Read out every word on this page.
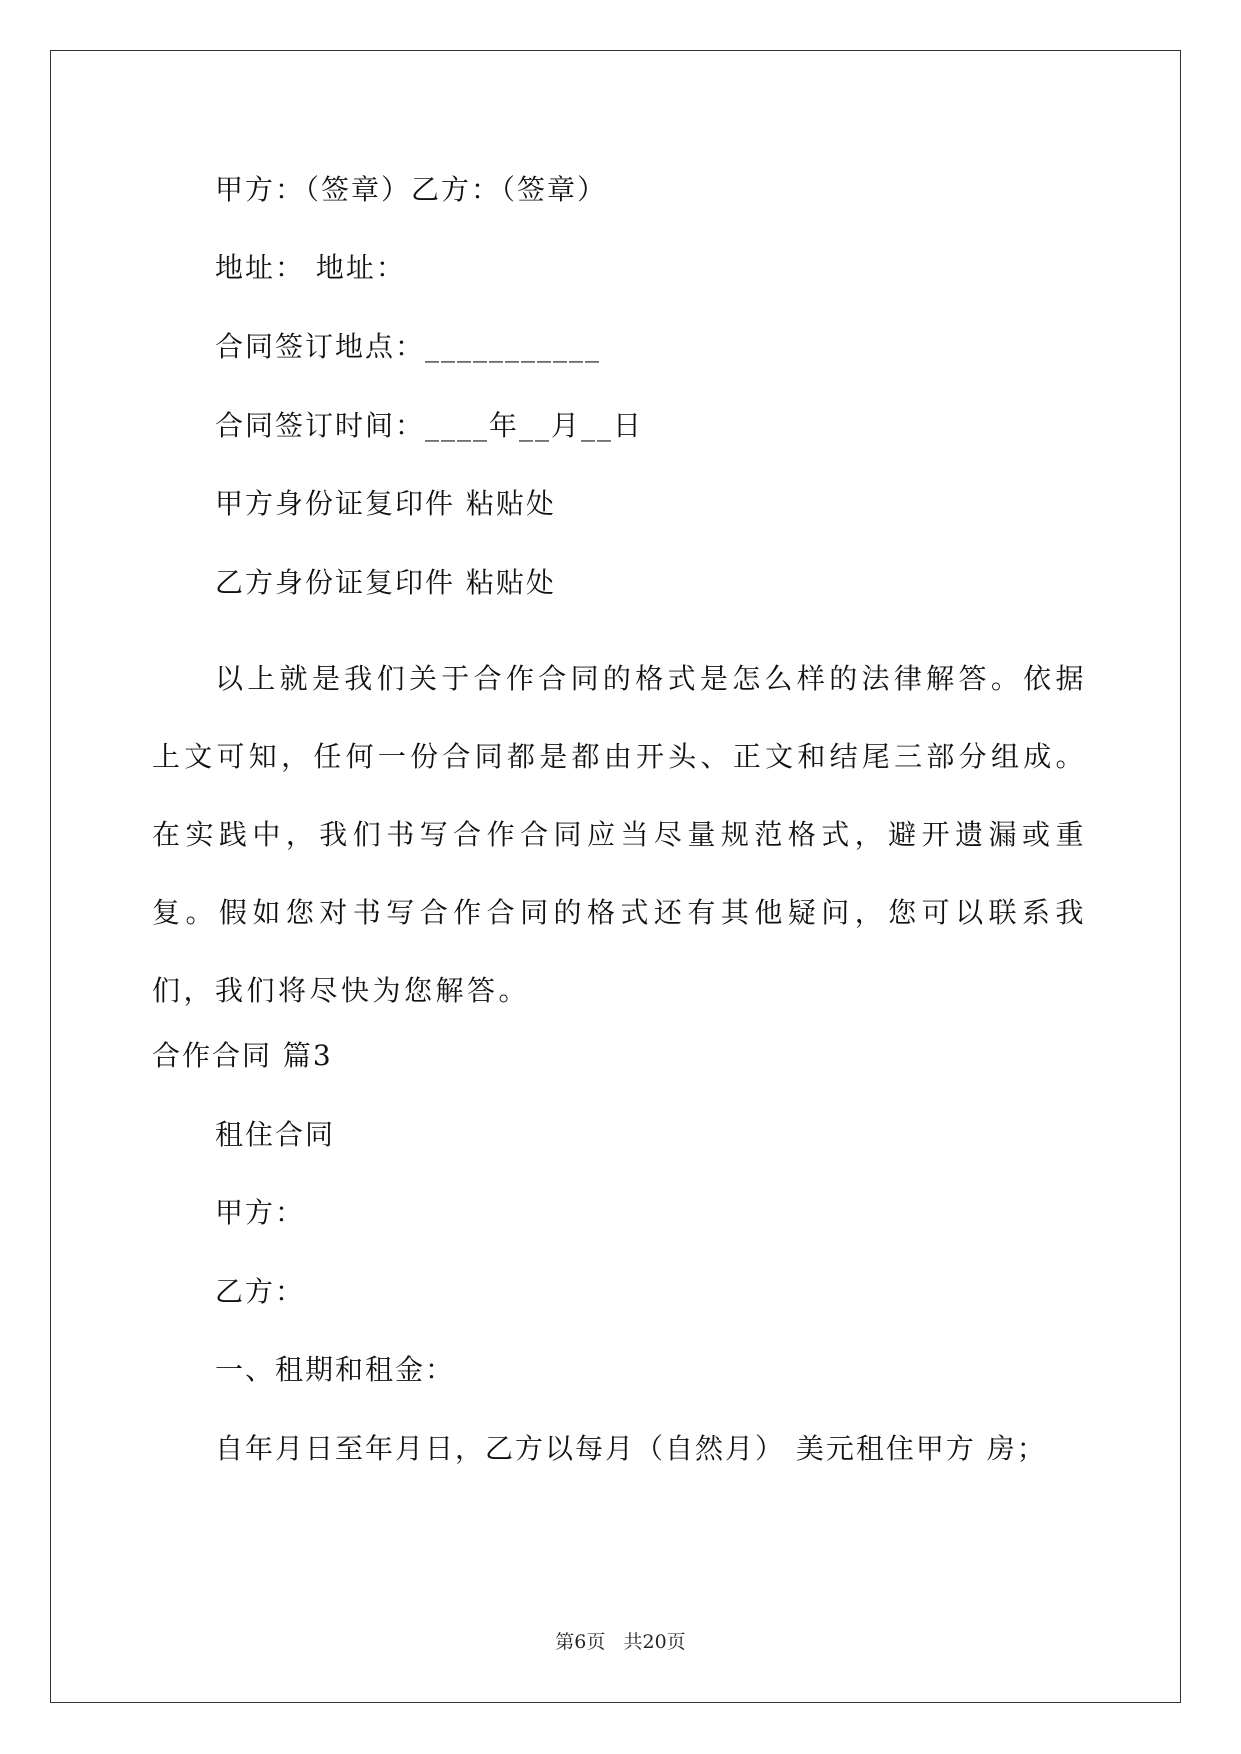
甲方：（签章）乙方：（签章）
地址： 地址：
合同签订地点：___________
合同签订时间：____年__月__日
甲方身份证复印件 粘贴处
乙方身份证复印件 粘贴处
以上就是我们关于合作合同的格式是怎么样的法律解答。依据上文可知，任何一份合同都是都由开头、正文和结尾三部分组成。在实践中，我们书写合作合同应当尽量规范格式，避开遗漏或重复。假如您对书写合作合同的格式还有其他疑问，您可以联系我们，我们将尽快为您解答。
合作合同 篇3
租住合同
甲方：
乙方：
一、租期和租金：
自年月日至年月日，乙方以每月（自然月） 美元租住甲方 房；
第6页   共20页
